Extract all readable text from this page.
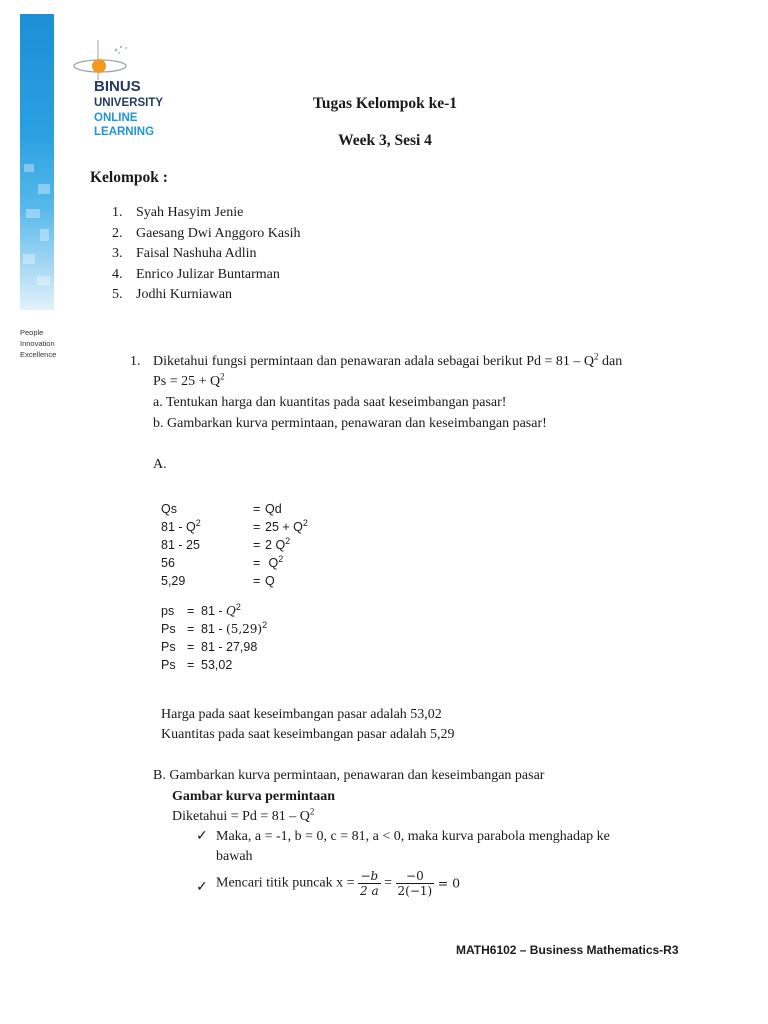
BINUS
UNIVERSITY
ONLINE
LEARNING
People
Innovation
Excellence
Tugas Kelompok ke-1
Week 3, Sesi 4
Kelompok :
1. Syah Hasyim Jenie
2. Gaesang Dwi Anggoro Kasih
3. Faisal Nashuha Adlin
4. Enrico Julizar Buntarman
5. Jodhi Kurniawan
1. Diketahui fungsi permintaan dan penawaran adala sebagai berikut $Pd = 81 - Q^2$ dan
$Ps = 25 + Q^2$
a. Tentukan harga dan kuantitas pada saat keseimbangan pasar!
b. Gambarkan kurva permintaan, penawaran dan keseimbangan pasar!
A.
Qs	= Qd
$81 - Q^2$	= $25 + Q^2$
81 - 25	= 2 $Q^2$
56	= $Q^2$
5,29	= Q
ps = $81 - Q^2$
$Ps = 81 - (5,29)^2$
Ps = 81 - 27,98
Ps = 53,02
Harga pada saat keseimbangan pasar adalah 53,02
Kuantitas pada saat keseimbangan pasar adalah 5,29
B. Gambarkan kurva permintaan, penawaran dan keseimbangan pasar
Gambar kurva permintaan
Diketahui = $Pd = 81 - Q^2$
✓ Maka, a = -1, b = 0, c = 81, a < 0, maka kurva parabola menghadap ke
bawah
✓ Mencari titik puncak $x = \frac{-b}{2 a} = \frac{-0}{2(-1)} = 0$
MATH6102 – Business Mathematics-R3
